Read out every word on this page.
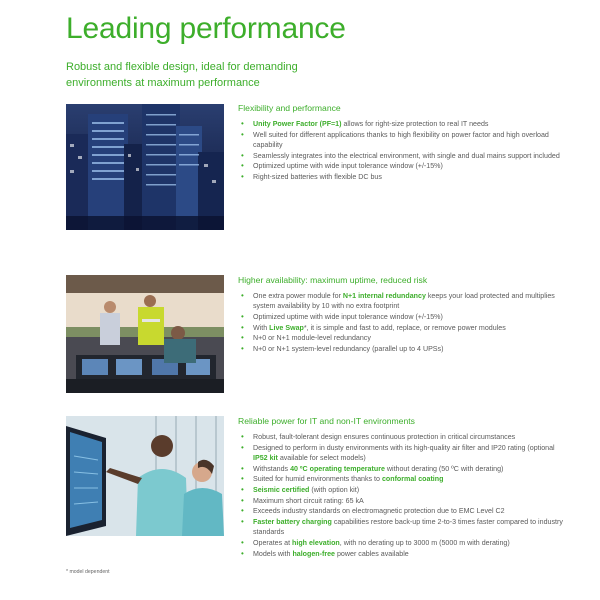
Leading performance
Robust and flexible design, ideal for demanding environments at maximum performance
Flexibility and performance
• Unity Power Factor (PF=1) allows for right-size protection to real IT needs
• Well suited for different applications thanks to high flexibility on power factor and high overload capability
• Seamlessly integrates into the electrical environment, with single and dual mains support included
• Optimized uptime with wide input tolerance window (+/-15%)
• Right-sized batteries with flexible DC bus
Higher availability: maximum uptime, reduced risk
• One extra power module for N+1 internal redundancy keeps your load protected and multiplies system availability by 10 with no extra footprint
• Optimized uptime with wide input tolerance window (+/-15%)
• With Live Swap*, it is simple and fast to add, replace, or remove power modules
• N+0 or N+1 module-level redundancy
• N+0 or N+1 system-level redundancy (parallel up to 4 UPSs)
Reliable power for IT and non-IT environments
• Robust, fault-tolerant design ensures continuous protection in critical circumstances
• Designed to perform in dusty environments with its high-quality air filter and IP20 rating (optional IP52 kit available for select models)
• Withstands 40 ºC operating temperature without derating (50 ºC with derating)
• Suited for humid environments thanks to conformal coating
• Seismic certified (with option kit)
• Maximum short circuit rating: 65 kA
• Exceeds industry standards on electromagnetic protection due to EMC Level C2
• Faster battery charging capabilities restore back-up time 2-to-3 times faster compared to industry standards
• Operates at high elevation, with no derating up to 3000 m (5000 m with derating)
• Models with halogen-free power cables available
* model dependent
